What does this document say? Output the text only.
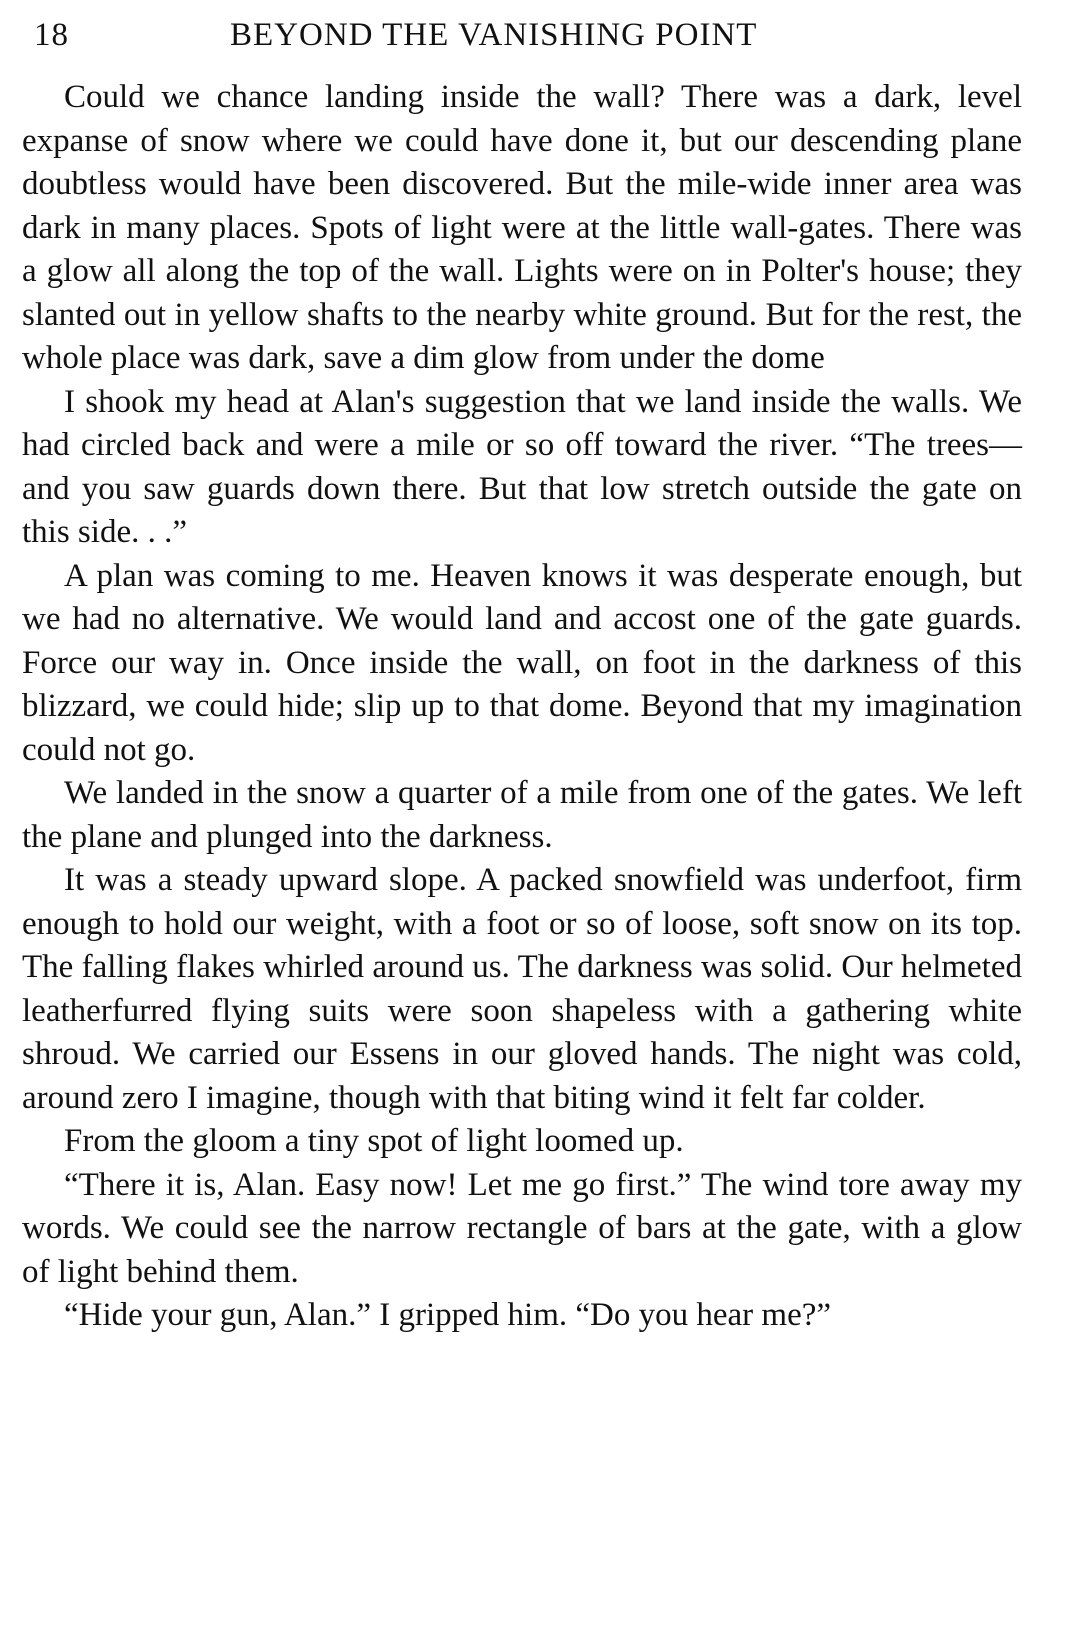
18	BEYOND THE VANISHING POINT

Could we chance landing inside the wall? There was a dark, level expanse of snow where we could have done it, but our descending plane doubtless would have been discovered. But the mile-wide inner area was dark in many places. Spots of light were at the little wall-gates. There was a glow all along the top of the wall. Lights were on in Polter's house; they slanted out in yellow shafts to the nearby white ground. But for the rest, the whole place was dark, save a dim glow from under the dome

I shook my head at Alan's suggestion that we land inside the walls. We had circled back and were a mile or so off toward the river. “The trees—and you saw guards down there. But that low stretch outside the gate on this side. . .”

A plan was coming to me. Heaven knows it was desperate enough, but we had no alternative. We would land and accost one of the gate guards. Force our way in. Once inside the wall, on foot in the darkness of this blizzard, we could hide; slip up to that dome. Beyond that my imagination could not go.

We landed in the snow a quarter of a mile from one of the gates. We left the plane and plunged into the darkness.

It was a steady upward slope. A packed snowfield was underfoot, firm enough to hold our weight, with a foot or so of loose, soft snow on its top. The falling flakes whirled around us. The darkness was solid. Our helmeted leatherfurred flying suits were soon shapeless with a gathering white shroud. We carried our Essens in our gloved hands. The night was cold, around zero I imagine, though with that biting wind it felt far colder.

From the gloom a tiny spot of light loomed up.

“There it is, Alan. Easy now! Let me go first.” The wind tore away my words. We could see the narrow rectangle of bars at the gate, with a glow of light behind them.

“Hide your gun, Alan.” I gripped him. “Do you hear me?”
